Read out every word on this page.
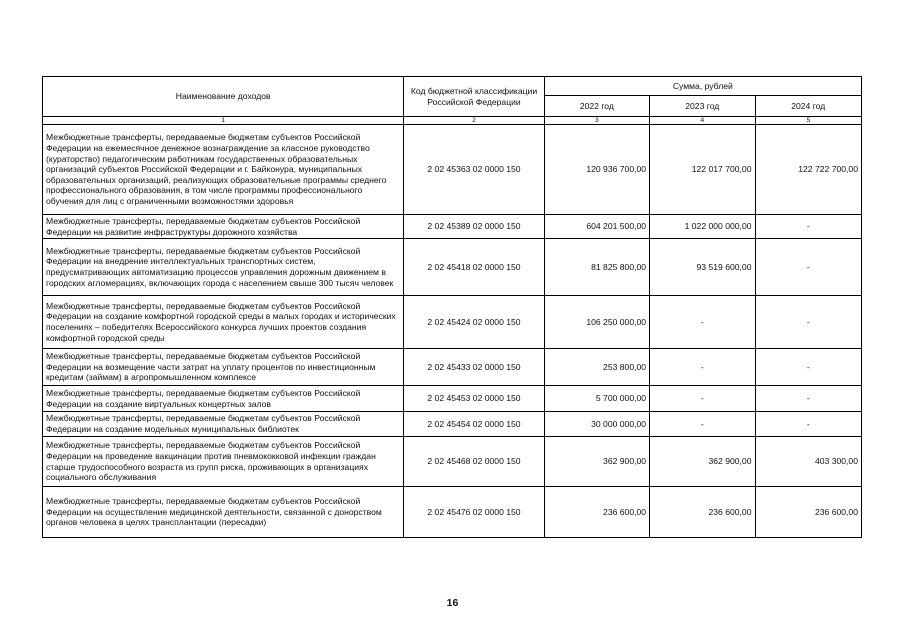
Наименование доходов	Код бюджетной классификации Российской Федерации	Сумма, рублей		
		2022 год	2023 год	2024 год
1	2	3	4	5
Межбюджетные трансферты, передаваемые бюджетам субъектов Российской Федерации на ежемесячное денежное вознаграждение за классное руководство (кураторство) педагогическим работникам государственных образовательных организаций субъектов Российской Федерации и г. Байконура, муниципальных образовательных организаций, реализующих образовательные программы среднего профессионального образования, в том числе программы профессионального обучения для лиц с ограниченными возможностями здоровья	2 02 45363 02 0000 150	120 936 700,00	122 017 700,00	122 722 700,00
Межбюджетные трансферты, передаваемые бюджетам субъектов Российской Федерации на развитие инфраструктуры дорожного хозяйства	2 02 45389 02 0000 150	604 201 500,00	1 022 000 000,00	-
Межбюджетные трансферты, передаваемые бюджетам субъектов Российской Федерации на внедрение интеллектуальных транспортных систем, предусматривающих автоматизацию процессов управления дорожным движением в городских агломерациях, включающих города с населением свыше 300 тысяч человек	2 02 45418 02 0000 150	81 825 800,00	93 519 600,00	-
Межбюджетные трансферты, передаваемые бюджетам субъектов Российской Федерации на создание комфортной городской среды в малых городах и исторических поселениях – победителях Всероссийского конкурса лучших проектов создания комфортной городской среды	2 02 45424 02 0000 150	106 250 000,00	-	-
Межбюджетные трансферты, передаваемые бюджетам субъектов Российской Федерации на возмещение части затрат на уплату процентов по инвестиционным кредитам (займам) в агропромышленном комплексе	2 02 45433 02 0000 150	253 800,00	-	-
Межбюджетные трансферты, передаваемые бюджетам субъектов Российской Федерации на создание виртуальных концертных залов	2 02 45453 02 0000 150	5 700 000,00	-	-
Межбюджетные трансферты, передаваемые бюджетам субъектов Российской Федерации на создание модельных муниципальных библиотек	2 02 45454 02 0000 150	30 000 000,00	-	-
Межбюджетные трансферты, передаваемые бюджетам субъектов Российской Федерации на проведение вакцинации против пневмококковой инфекции граждан старше трудоспособного возраста из групп риска, проживающих в организациях социального обслуживания	2 02 45468 02 0000 150	362 900,00	362 900,00	403 300,00
Межбюджетные трансферты, передаваемые бюджетам субъектов Российской Федерации на осуществление медицинской деятельности, связанной с донорством органов человека в целях трансплантации (пересадки)	2 02 45476 02 0000 150	236 600,00	236 600,00	236 600,00
16
